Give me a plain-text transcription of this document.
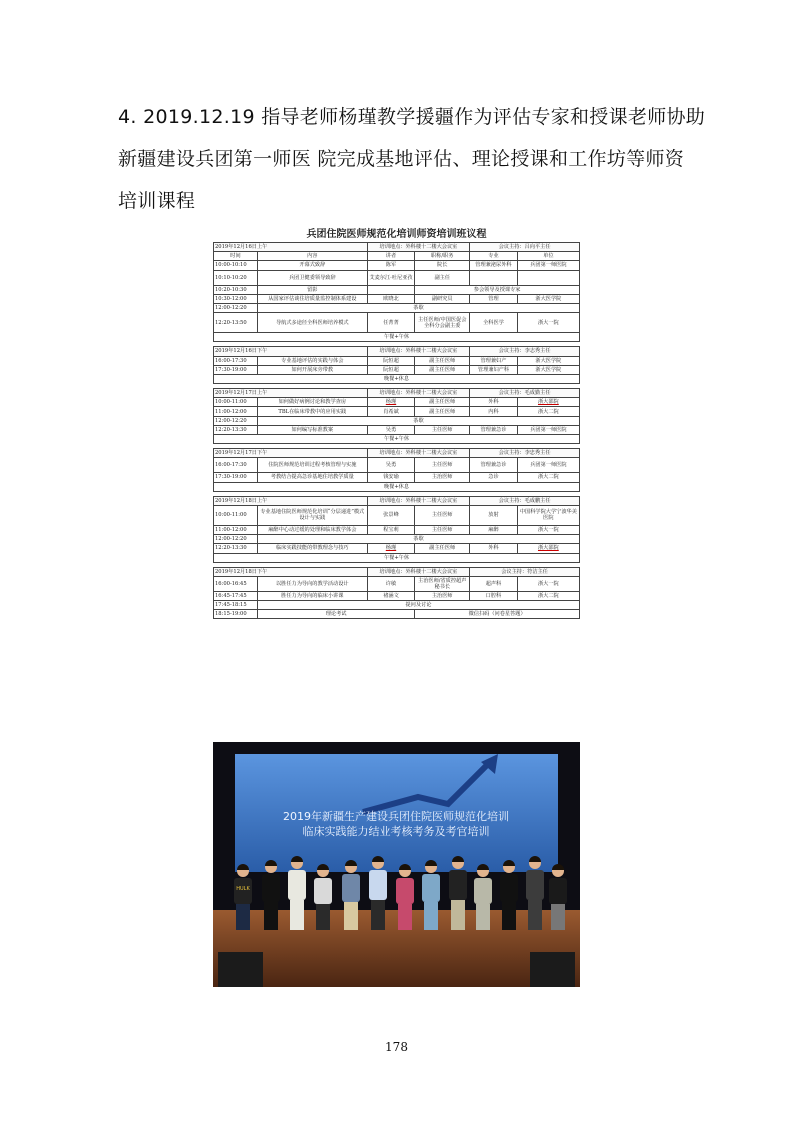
4. 2019.12.19 指导老师杨瑾教学援疆作为评估专家和授课老师协助
新疆建设兵团第一师医 院完成基地评估、理论授课和工作坊等师资
培训课程
兵团住院医师规范化培训师资培训班议程
2019年12月16日上午		培训地点：外科楼十二楼大会议室		会议主持：吕向平主任	
时间	内容	讲者	职称/职务	专业	单位
10:00-10:10	开幕式致辞	陈军	院长	管理兼泌尿外科	兵团第一师医院
10:10-10:20	兵团卫健委领导致辞	艾麦尔江·吐尼亚孜	副主任		
10:20-10:30	留影		参会领导及授课专家		
10:30-12:00	从国家评估谈住培质量监控制体系建设	欧晓北	副研究员	管理	浙大医学院
12:00-12:20	茶歇				
12:20-13:50	导航式多途径全科医师培养模式	任菁菁	主任医师/中国医促会全科分会副主委	全科医学	浙大一院
午餐+午休					

2019年12月16日下午		培训地点：外科楼十二楼大会议室		会议主持：李志秀主任	
16:00-17:30	专业基地评估的实践与体会	阮恒超	副主任医师	管理兼妇产	浙大医学院
17:30-19:00	如何开展床旁带教	阮恒超	副主任医师	管理兼妇产科	浙大医学院
晚餐+休息					

2019年12月17日上午		培训地点：外科楼十二楼大会议室		会议主持：毛成勤主任	
10:00-11:00	如何做好病例讨论和教学查房	杨瑾	副主任医师	外科	浙大邵院
11:00-12:00	TBL在临床带教中的应用实践	肖希斌	副主任医师	内科	浙大二院
12:00-12:20	茶歇				
12:20-13:30	如何编写标准教案	吴勇	主任医师	管理兼急诊	兵团第一师医院
午餐+午休					

2019年12月17日下午		培训地点：外科楼十二楼大会议室		会议主持：李忠秀主任	
16:00-17:30	住院医师规范培训过程考核管理与实施	吴勇	主任医师	管理兼急诊	兵团第一师医院
17:30-19:00	考教结合提高急诊基地住培教学质量	钱安瑜	主治医师	急诊	浙大二院
晚餐+休息					

2019年12月18日上午		培训地点：外科楼十二楼大会议室		会议主持：毛成鹏主任	
10:00-11:00	专业基地住院医师规范化培训“分层递进”模式设计与实践	张景峰	主任医师	放射	中国科学院大学宁波华美医院
11:00-12:00	麻醉中心动过缓的处理和临床教学体会	程宝莉	主任医师	麻醉	浙大一院
12:00-12:20	茶歇				
12:20-13:30	临床实践技能的带教理念与技巧	杨瑾	副主任医师	外科	浙大邵院
午餐+午休					

2019年12月18日下午		培训地点：外科楼十二楼大会议室		会议主持：符洁主任	
16:00-16:45	以胜任力为导向的教学活动设计	许敏	主治医师/省质控超声秘书长	超声科	浙大一院
16:45-17:45	胜任力为导向的临床小讲课	褚涵文	主治医师	口腔科	浙大二院
17:45-18:15	提问及讨论				
18:15-19:00	理论考试		微信扫码（问卷星答题）		
2019年新疆生产建设兵团住院医师规范化培训
临床实践能力结业考核考务及考官培训
HULK
178
